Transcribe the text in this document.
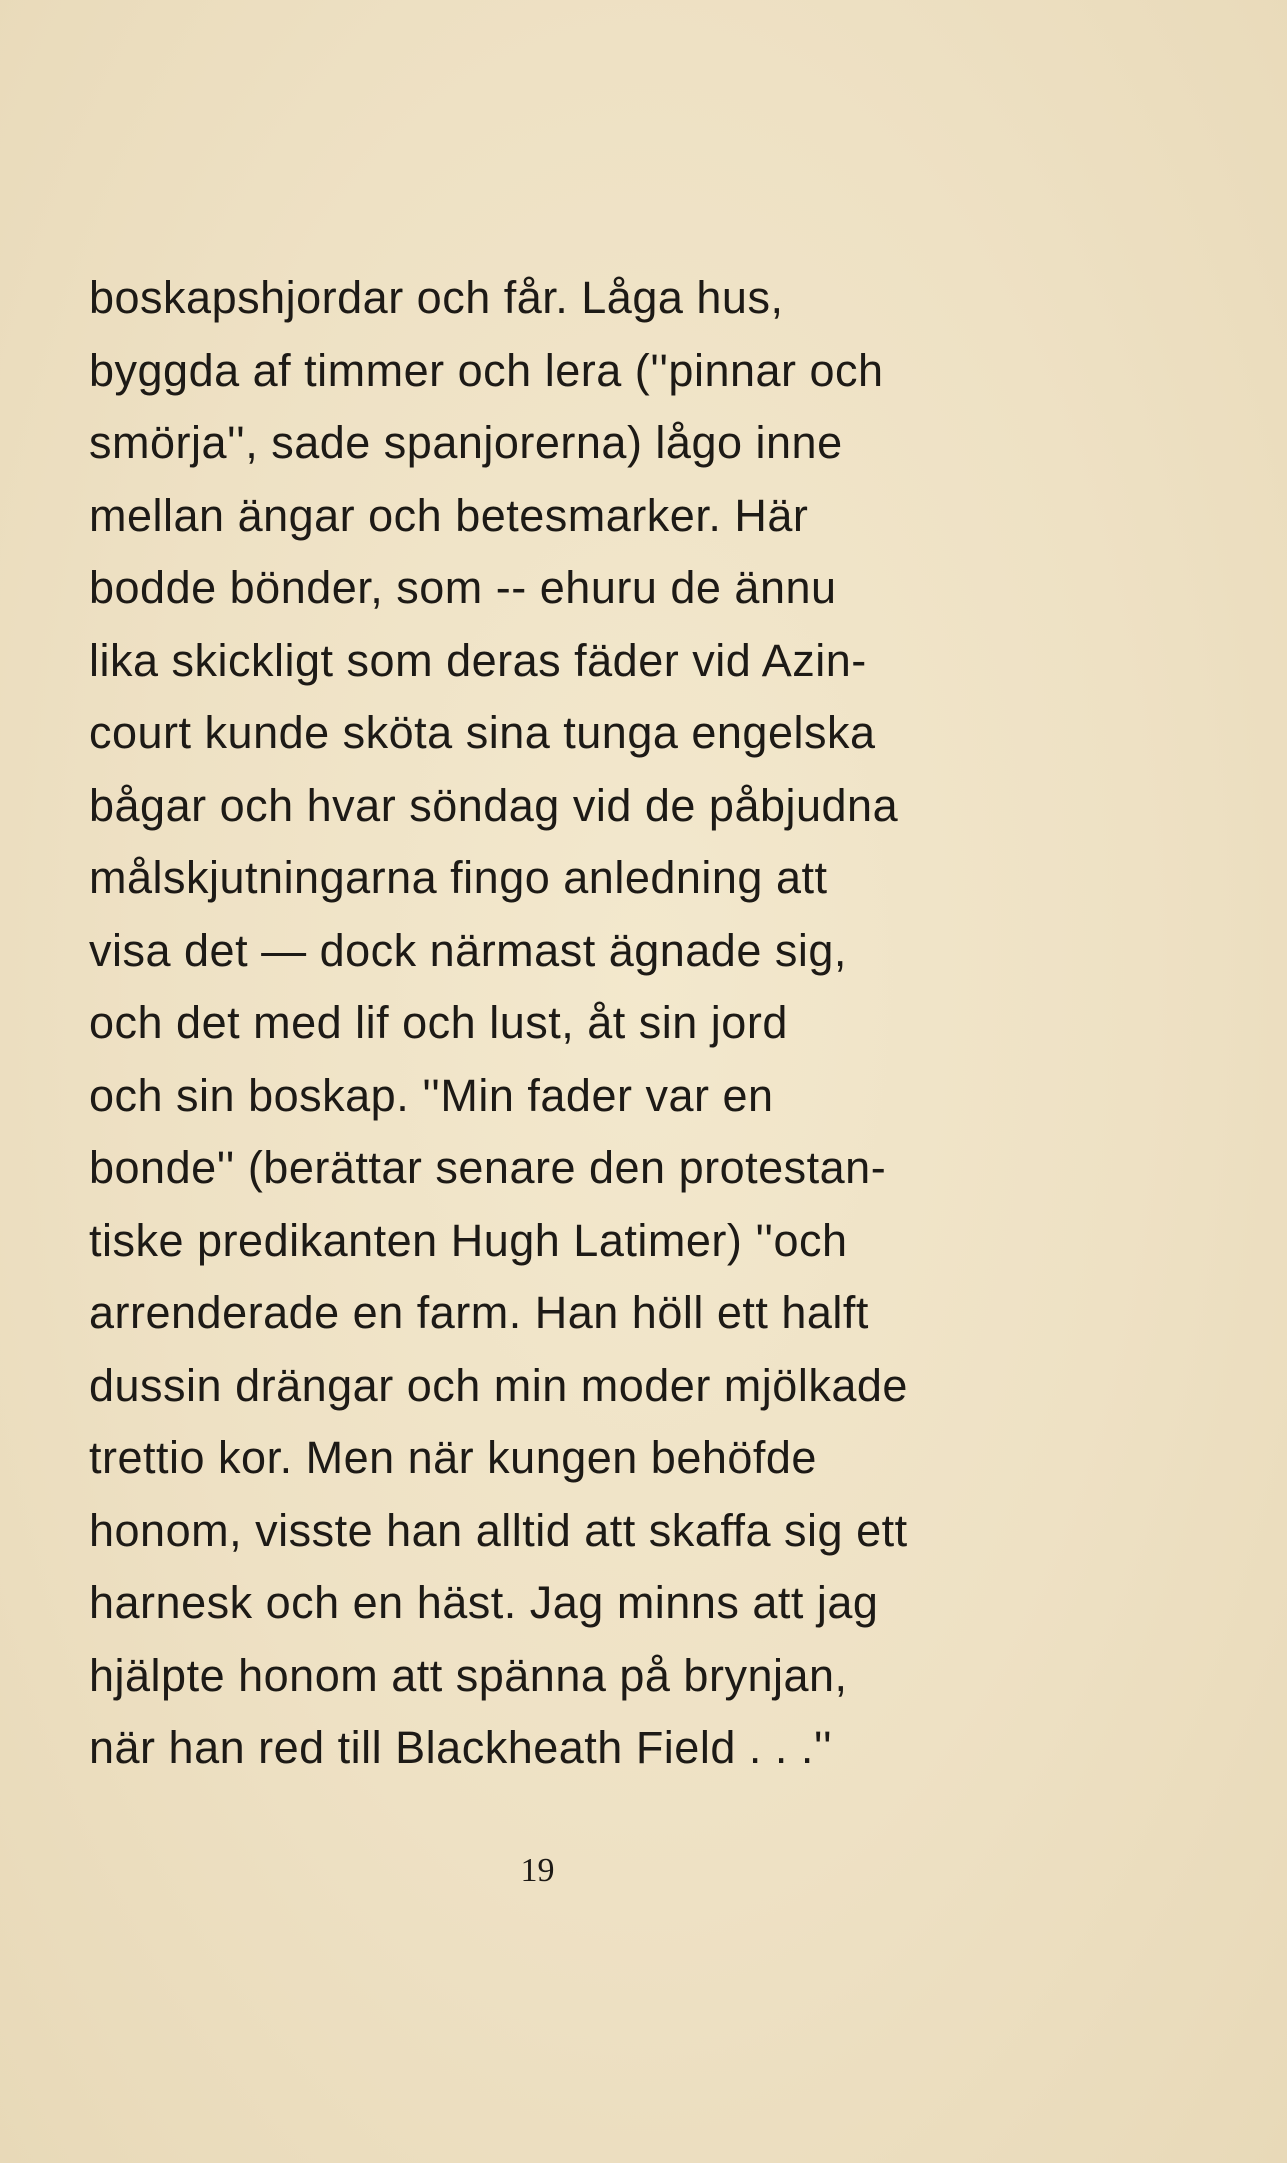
boskapshjordar och får. Låga hus,
byggda af timmer och lera (''pinnar och
smörja'', sade spanjorerna) lågo inne
mellan ängar och betesmarker. Här
bodde bönder, som -- ehuru de ännu
lika skickligt som deras fäder vid Azin-
court kunde sköta sina tunga engelska
bågar och hvar söndag vid de påbjudna
målskjutningarna fingo anledning att
visa det — dock närmast ägnade sig,
och det med lif och lust, åt sin jord
och sin boskap. ''Min fader var en
bonde'' (berättar senare den protestan-
tiske predikanten Hugh Latimer) ''och
arrenderade en farm. Han höll ett halft
dussin drängar och min moder mjölkade
trettio kor. Men när kungen behöfde
honom, visste han alltid att skaffa sig ett
harnesk och en häst. Jag minns att jag
hjälpte honom att spänna på brynjan,
när han red till Blackheath Field . . .''
19
